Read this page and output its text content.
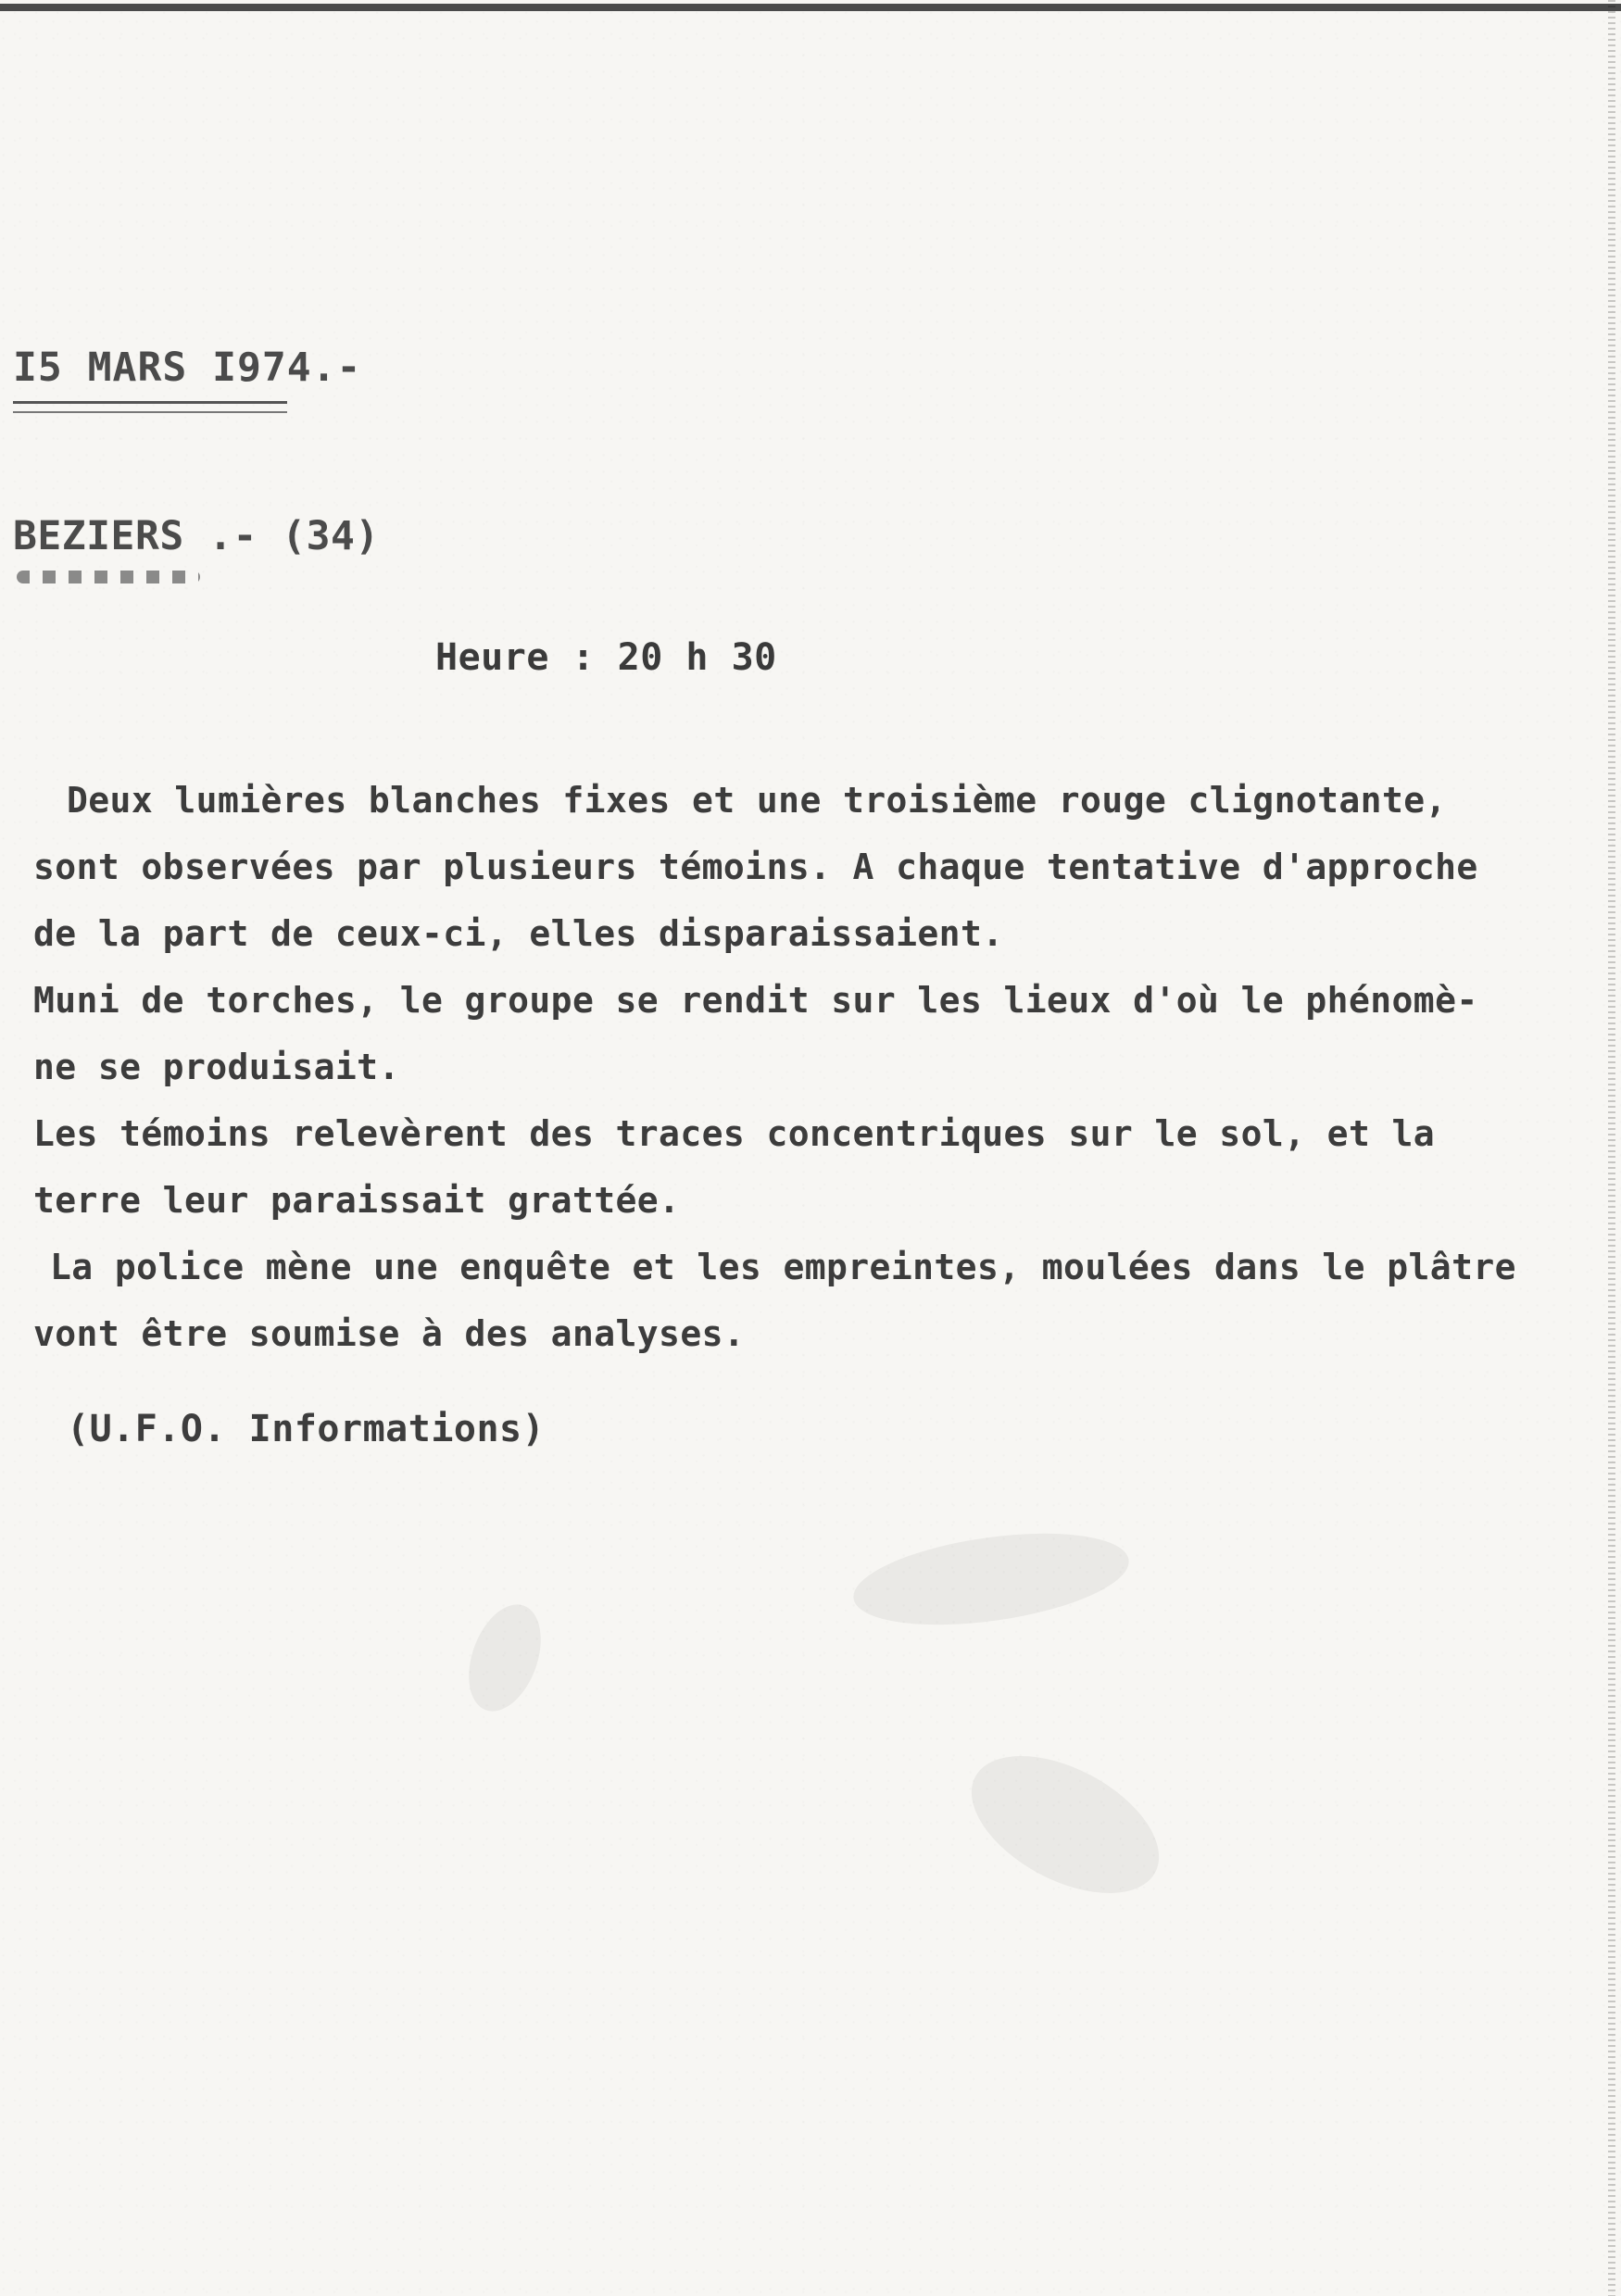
I5 MARS I974.-
BEZIERS .- (34)
Heure : 20 h 30
Deux lumières blanches fixes et une troisième rouge clignotante,
sont observées par plusieurs témoins. A chaque tentative d'approche
de la part de ceux-ci, elles disparaissaient.
Muni de torches, le groupe se rendit sur les lieux d'où le phénomè-
ne se produisait.
Les témoins relevèrent des traces concentriques sur le sol, et la
terre leur paraissait grattée.
La police mène une enquête et les empreintes, moulées dans le plâtre
vont être soumise à des analyses.
(U.F.O. Informations)
